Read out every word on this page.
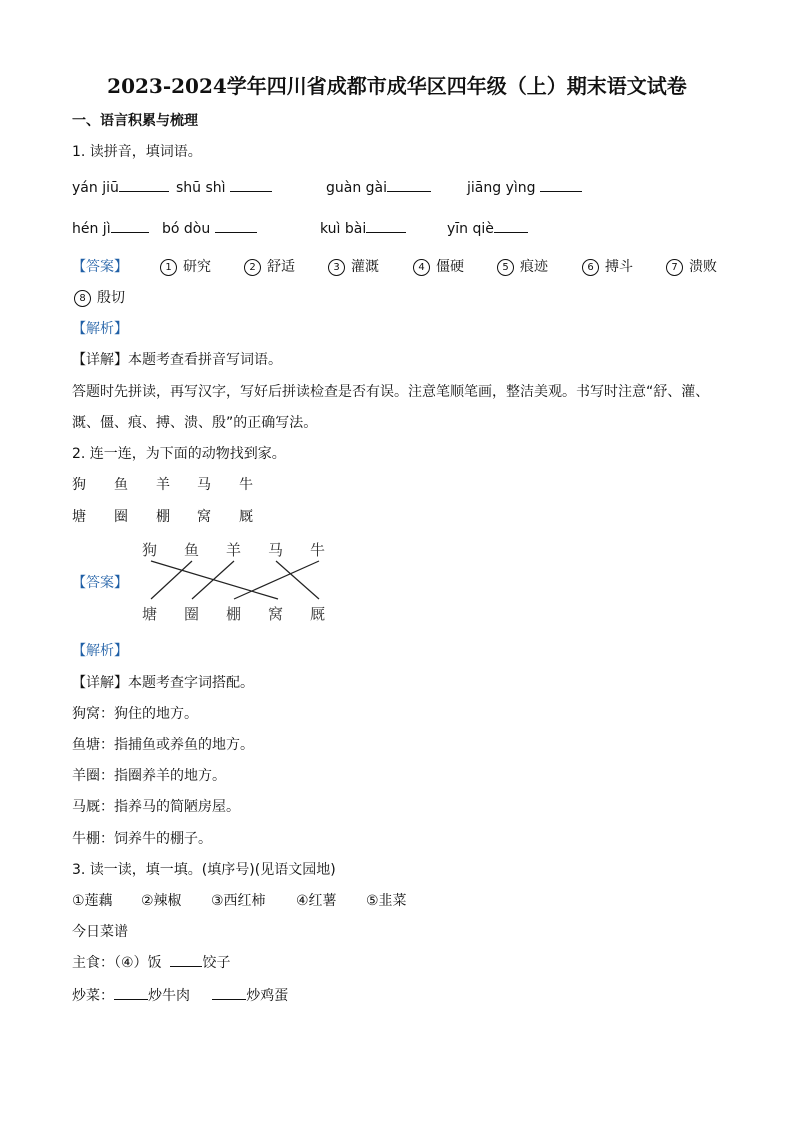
2023-2024学年四川省成都市成华区四年级（上）期末语文试卷
一、语言积累与梳理
1. 读拼音，填词语。
yán jiū	shū shì	guàn gài	jiāng yìng
hén jì	bó dòu	kuì bài	yīn qiè
【答案】	1 研究	2 舒适	3 灌溉	4 僵硬	5 痕迹	6 搏斗	7 溃败
8 殷切
【解析】
【详解】本题考查看拼音写词语。
答题时先拼读，再写汉字，写好后拼读检查是否有误。注意笔顺笔画，整洁美观。书写时注意“舒、灌、
溉、僵、痕、搏、溃、殷”的正确写法。
2. 连一连，为下面的动物找到家。
狗 鱼 羊 马 牛
塘 圈 棚 窝 厩
【答案】
狗 鱼 羊 马 牛
塘 圈 棚 窝 厩
【解析】
【详解】本题考查字词搭配。
狗窝：狗住的地方。
鱼塘：指捕鱼或养鱼的地方。
羊圈：指圈养羊的地方。
马厩：指养马的简陋房屋。
牛棚：饲养牛的棚子。
3. 读一读，填一填。(填序号)(见语文园地)
①莲藕 ②辣椒 ③西红柿 ④红薯 ⑤韭菜
今日菜谱
主食：（④）饭	饺子
炒菜： 炒牛肉	炒鸡蛋
